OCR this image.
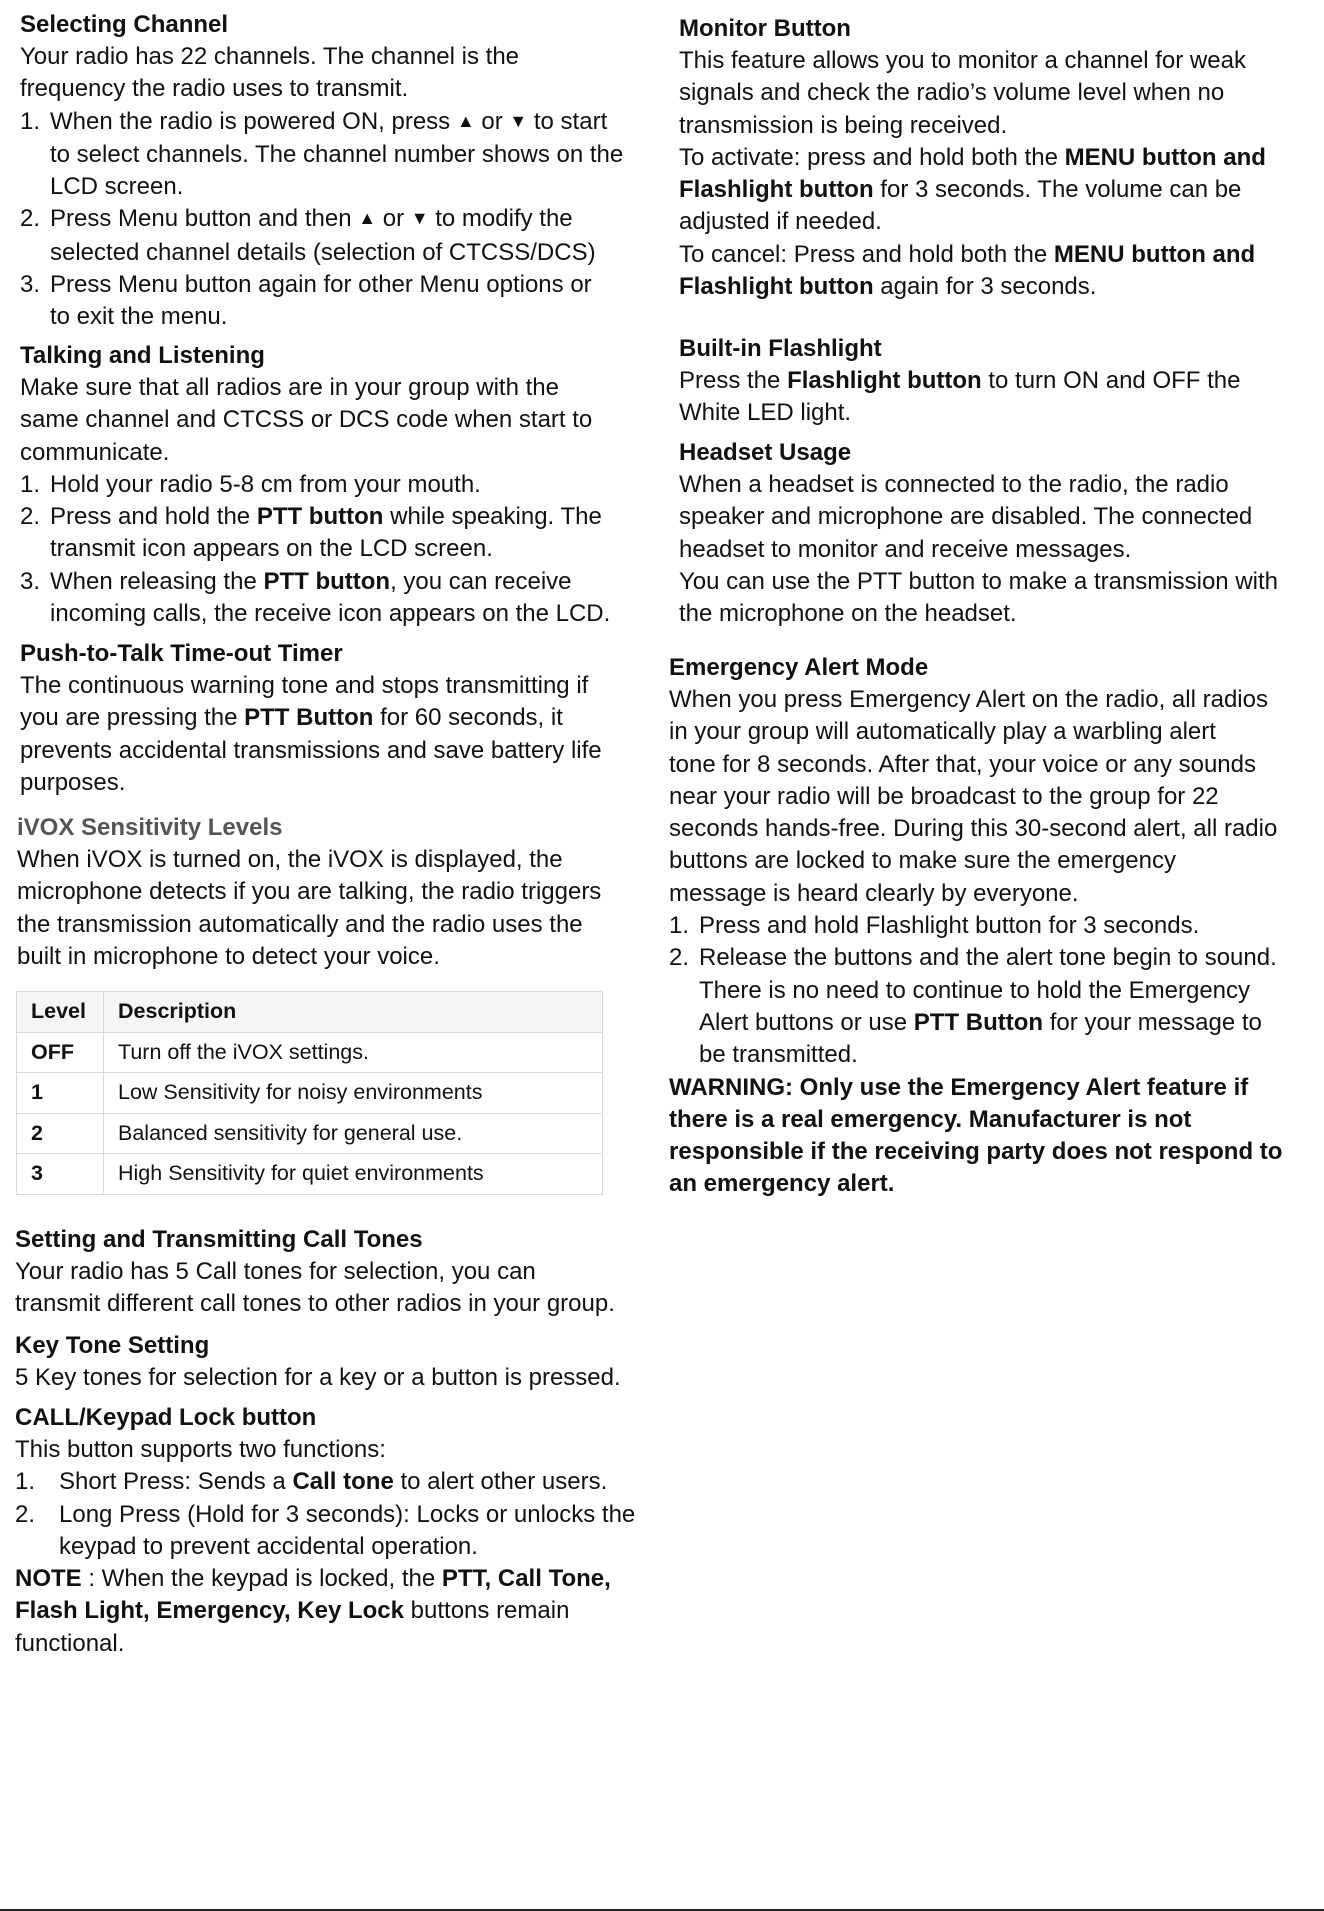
Selecting Channel

Your radio has 22 channels. The channel is the

frequency the radio uses to transmit.

1. When the radio is powered ON, press ▲ or ▼ to start
to select channels. The channel number shows on the
LCD screen.
2. Press Menu button and then ▲ or ▼ to modify the
selected channel details (selection of CTCSS/DCS)
3. Press Menu button again for other Menu options or
to exit the menu.
Talking and Listening

Make sure that all radios are in your group with the

same channel and CTCSS or DCS code when start to

communicate.

1. Hold your radio 5-8 cm from your mouth.
2. Press and hold the PTT button while speaking. The
transmit icon appears on the LCD screen.
3. When releasing the PTT button, you can receive
incoming calls, the receive icon appears on the LCD.
Push-to-Talk Time-out Timer

The continuous warning tone and stops transmitting if

you are pressing the PTT Button for 60 seconds, it

prevents accidental transmissions and save battery life

purposes.

iVOX Sensitivity Levels

When iVOX is turned on, the iVOX is displayed, the

microphone detects if you are talking, the radio triggers

the transmission automatically and the radio uses the

built in microphone to detect your voice.

Level	Description
OFF	Turn off the iVOX settings.
1	Low Sensitivity for noisy environments
2	Balanced sensitivity for general use.
3	High Sensitivity for quiet environments
Setting and Transmitting Call Tones

Your radio has 5 Call tones for selection, you can

transmit different call tones to other radios in your group.

Key Tone Setting

5 Key tones for selection for a key or a button is pressed.

CALL/Keypad Lock button

This button supports two functions:

1. Short Press: Sends a Call tone to alert other users.
2. Long Press (Hold for 3 seconds): Locks or unlocks the
keypad to prevent accidental operation.

NOTE : When the keypad is locked, the PTT, Call Tone,

Flash Light, Emergency, Key Lock buttons remain

functional.

Monitor Button

This feature allows you to monitor a channel for weak

signals and check the radio’s volume level when no

transmission is being received.

To activate: press and hold both the MENU button and

Flashlight button for 3 seconds. The volume can be

adjusted if needed.

To cancel: Press and hold both the MENU button and

Flashlight button again for 3 seconds.

Built-in Flashlight

Press the Flashlight button to turn ON and OFF the

White LED light.

Headset Usage

When a headset is connected to the radio, the radio

speaker and microphone are disabled. The connected

headset to monitor and receive messages.

You can use the PTT button to make a transmission with

the microphone on the headset.

Emergency Alert Mode

When you press Emergency Alert on the radio, all radios

in your group will automatically play a warbling alert

tone for 8 seconds. After that, your voice or any sounds

near your radio will be broadcast to the group for 22

seconds hands-free. During this 30-second alert, all radio

buttons are locked to make sure the emergency

message is heard clearly by everyone.

1. Press and hold Flashlight button for 3 seconds.
2. Release the buttons and the alert tone begin to sound.
There is no need to continue to hold the Emergency
Alert buttons or use PTT Button for your message to
be transmitted.
WARNING: Only use the Emergency Alert feature if
there is a real emergency. Manufacturer is not
responsible if the receiving party does not respond to
an emergency alert.
